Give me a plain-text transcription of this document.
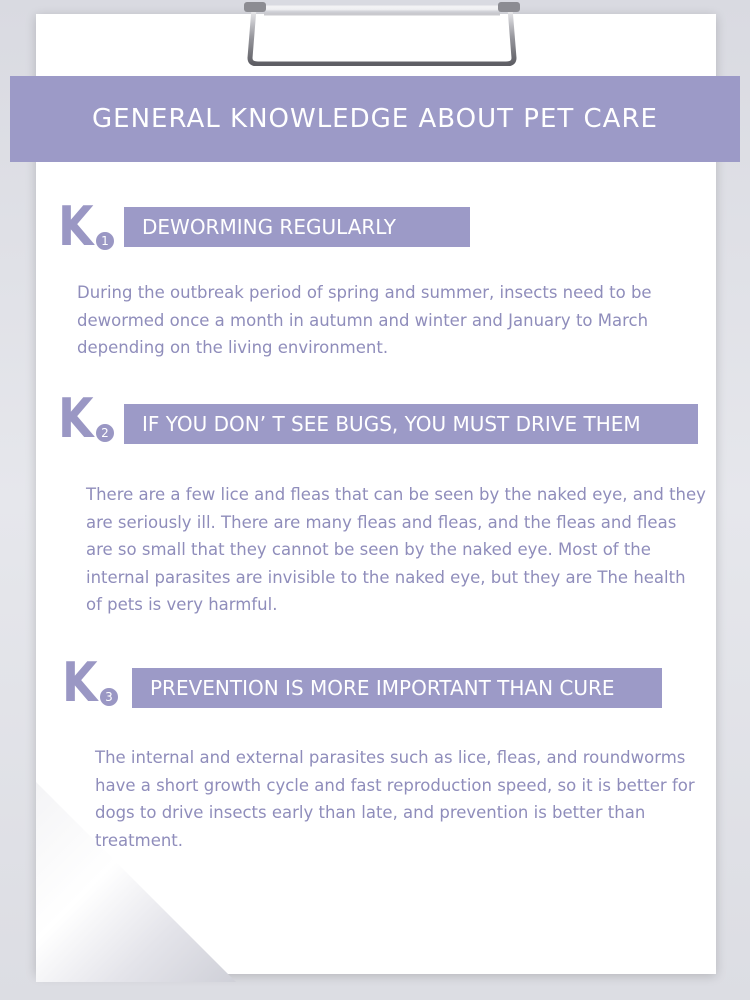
GENERAL KNOWLEDGE ABOUT PET CARE
K 1
DEWORMING REGULARLY
During the outbreak period of spring and summer, insects need to be dewormed once a month in autumn and winter and January to March depending on the living environment.
K 2	IF YOU DON’ T SEE BUGS, YOU MUST DRIVE THEM
There are a few lice and fleas that can be seen by the naked eye, and they are seriously ill. There are many fleas and fleas, and the fleas and fleas are so small that they cannot be seen by the naked eye. Most of the internal parasites are invisible to the naked eye, but they are The health of pets is very harmful.
K 3	PREVENTION IS MORE IMPORTANT THAN CURE
The internal and external parasites such as lice, fleas, and roundworms have a short growth cycle and fast reproduction speed, so it is better for dogs to drive insects early than late, and prevention is better than treatment.
